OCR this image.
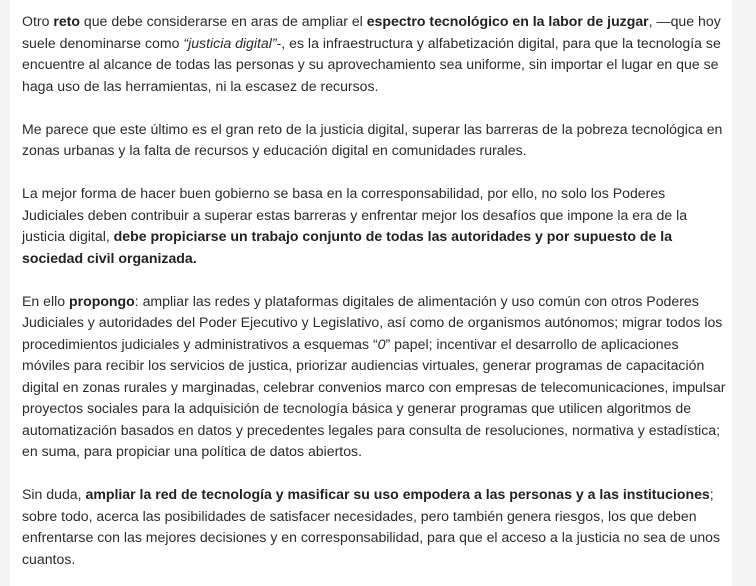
Otro reto que debe considerarse en aras de ampliar el espectro tecnológico en la labor de juzgar, —que hoy suele denominarse como “justicia digital”-, es la infraestructura y alfabetización digital, para que la tecnología se encuentre al alcance de todas las personas y su aprovechamiento sea uniforme, sin importar el lugar en que se haga uso de las herramientas, ni la escasez de recursos.

Me parece que este último es el gran reto de la justicia digital, superar las barreras de la pobreza tecnológica en zonas urbanas y la falta de recursos y educación digital en comunidades rurales.

La mejor forma de hacer buen gobierno se basa en la corresponsabilidad, por ello, no solo los Poderes Judiciales deben contribuir a superar estas barreras y enfrentar mejor los desafíos que impone la era de la justicia digital, debe propiciarse un trabajo conjunto de todas las autoridades y por supuesto de la sociedad civil organizada.

En ello propongo: ampliar las redes y plataformas digitales de alimentación y uso común con otros Poderes Judiciales y autoridades del Poder Ejecutivo y Legislativo, así como de organismos autónomos; migrar todos los procedimientos judiciales y administrativos a esquemas “0” papel; incentivar el desarrollo de aplicaciones móviles para recibir los servicios de justica, priorizar audiencias virtuales, generar programas de capacitación digital en zonas rurales y marginadas, celebrar convenios marco con empresas de telecomunicaciones, impulsar proyectos sociales para la adquisición de tecnología básica y generar programas que utilicen algoritmos de automatización basados en datos y precedentes legales para consulta de resoluciones, normativa y estadística; en suma, para propiciar una política de datos abiertos.

Sin duda, ampliar la red de tecnología y masificar su uso empodera a las personas y a las instituciones; sobre todo, acerca las posibilidades de satisfacer necesidades, pero también genera riesgos, los que deben enfrentarse con las mejores decisiones y en corresponsabilidad, para que el acceso a la justicia no sea de unos cuantos.
